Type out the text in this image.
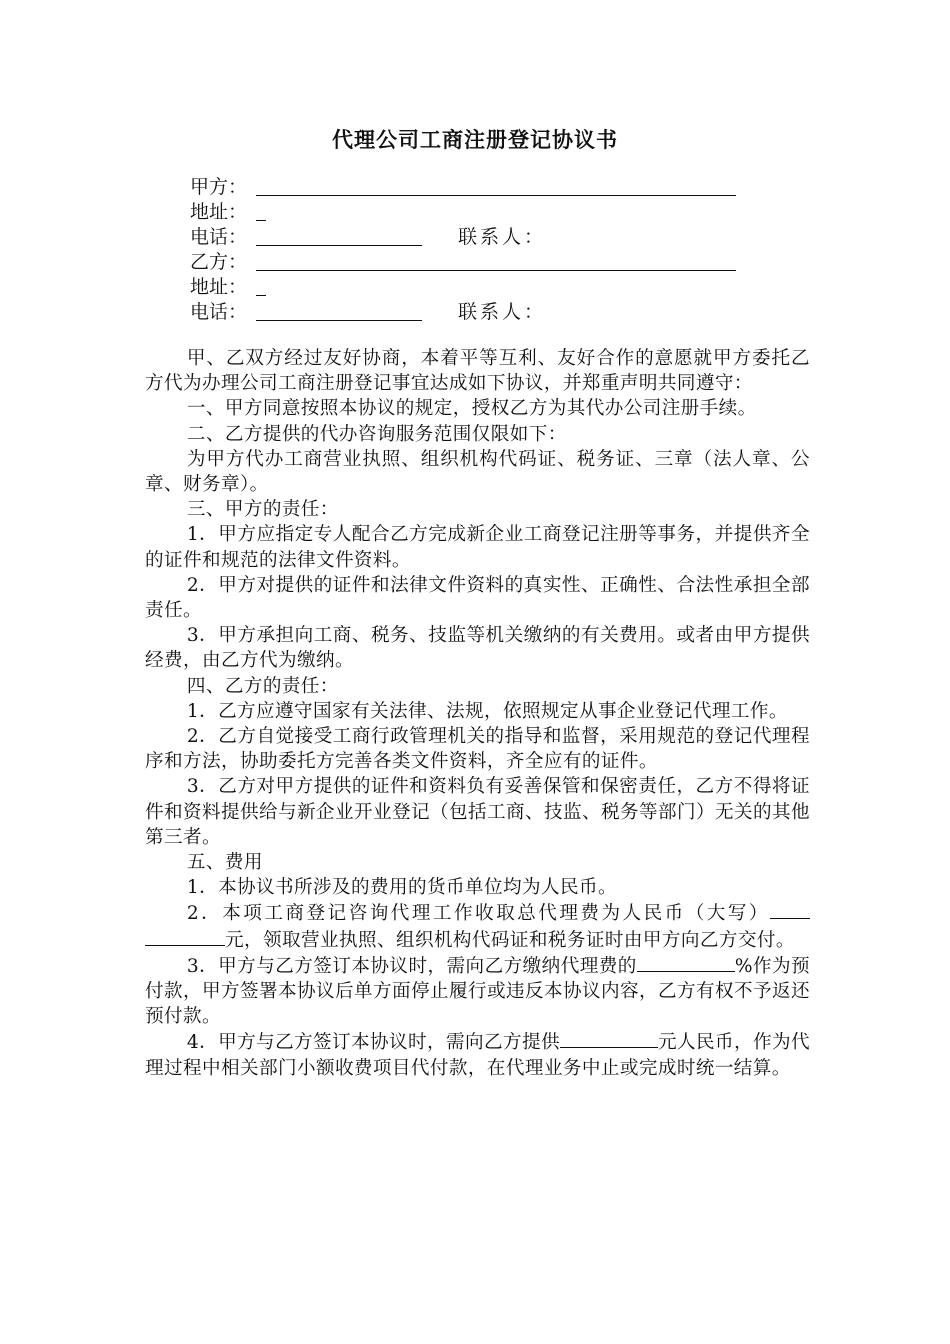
代理公司工商注册登记协议书
甲方：
地址：
电话：	联系人：
乙方：
地址：
电话：	联系人：

甲、乙双方经过友好协商，本着平等互利、友好合作的意愿就甲方委托乙方代为办理公司工商注册登记事宜达成如下协议，并郑重声明共同遵守：

一、甲方同意按照本协议的规定，授权乙方为其代办公司注册手续。

二、乙方提供的代办咨询服务范围仅限如下：

为甲方代办工商营业执照、组织机构代码证、税务证、三章（法人章、公章、财务章）。

三、甲方的责任：

1．甲方应指定专人配合乙方完成新企业工商登记注册等事务，并提供齐全的证件和规范的法律文件资料。

2．甲方对提供的证件和法律文件资料的真实性、正确性、合法性承担全部责任。

3．甲方承担向工商、税务、技监等机关缴纳的有关费用。或者由甲方提供经费，由乙方代为缴纳。

四、乙方的责任：

1．乙方应遵守国家有关法律、法规，依照规定从事企业登记代理工作。

2．乙方自觉接受工商行政管理机关的指导和监督，采用规范的登记代理程序和方法，协助委托方完善各类文件资料，齐全应有的证件。

3．乙方对甲方提供的证件和资料负有妥善保管和保密责任，乙方不得将证件和资料提供给与新企业开业登记（包括工商、技监、税务等部门）无关的其他第三者。

五、费用

1．本协议书所涉及的费用的货币单位均为人民币。

2．本项工商登记咨询代理工作收取总代理费为人民币（大写）元，领取营业执照、组织机构代码证和税务证时由甲方向乙方交付。

3．甲方与乙方签订本协议时，需向乙方缴纳代理费的	%作为预付款，甲方签署本协议后单方面停止履行或违反本协议内容，乙方有权不予返还预付款。

4．甲方与乙方签订本协议时，需向乙方提供	元人民币，作为代理过程中相关部门小额收费项目代付款，在代理业务中止或完成时统一结算。
